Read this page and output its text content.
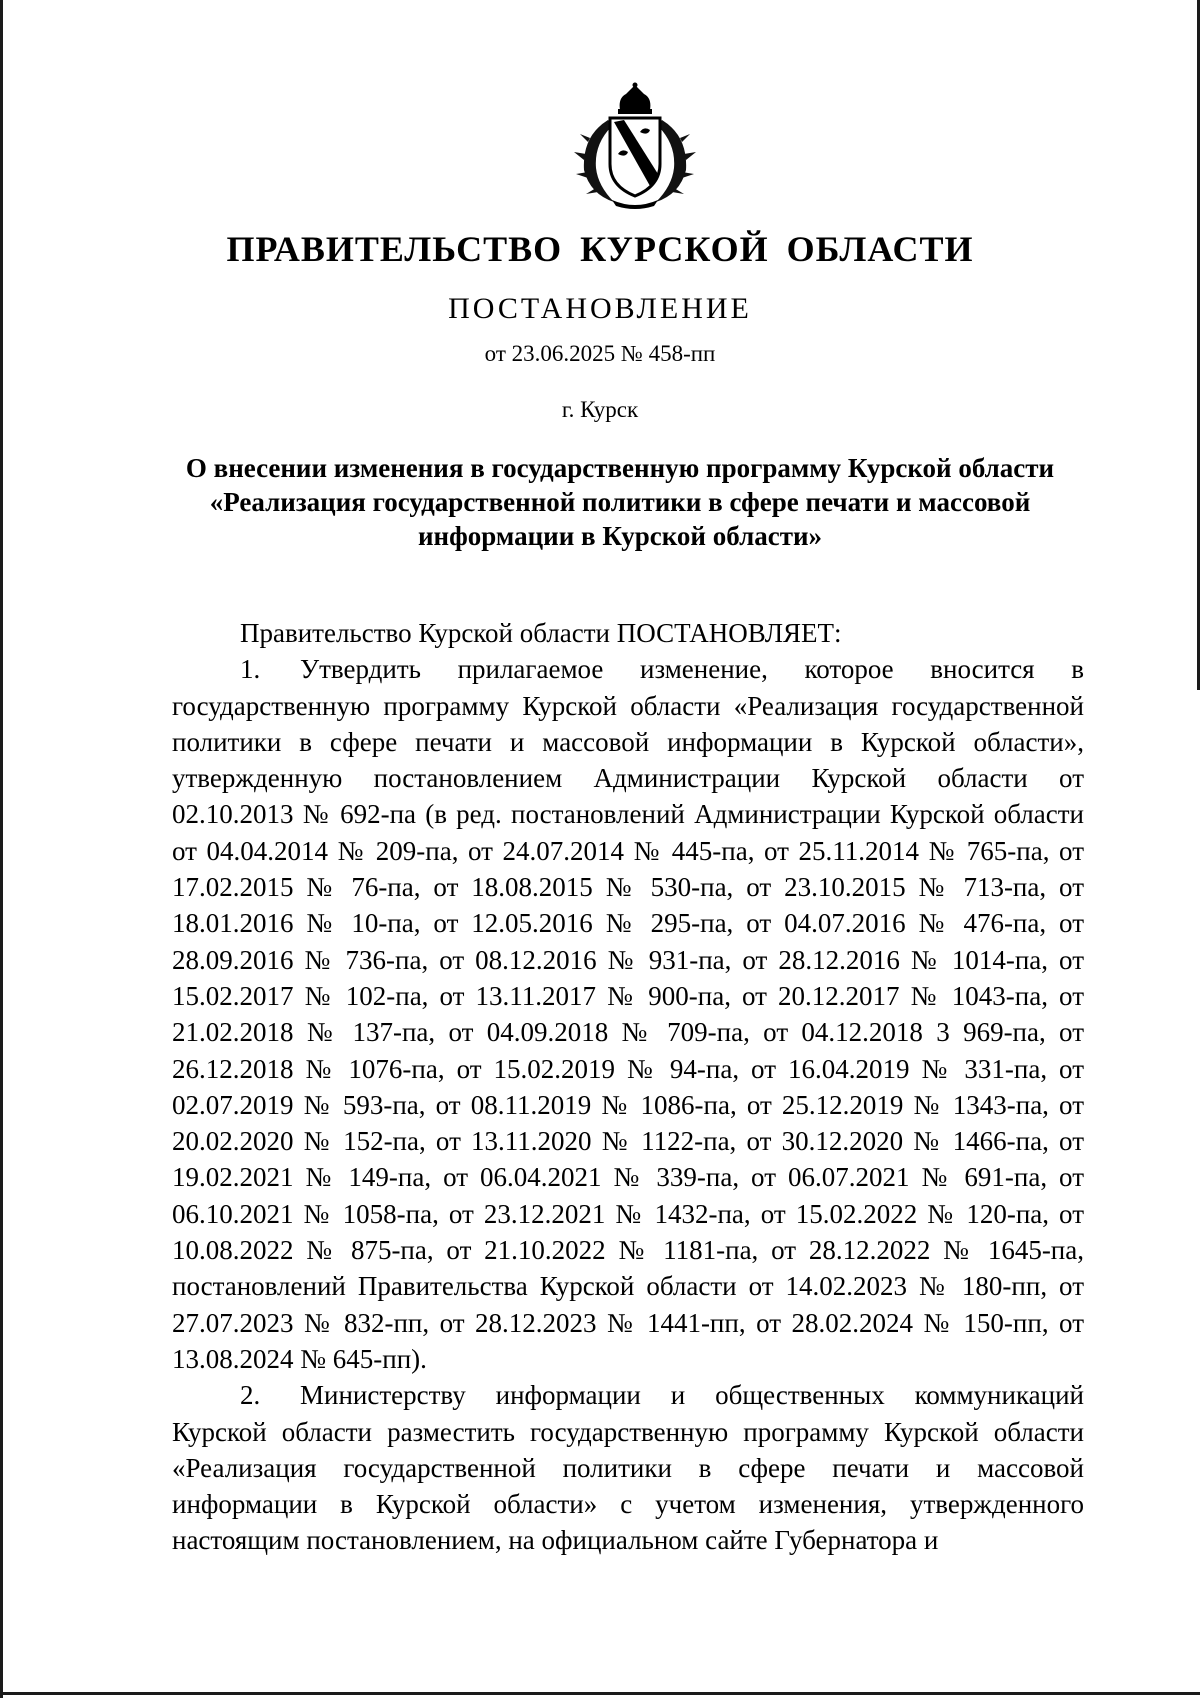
ПРАВИТЕЛЬСТВО КУРСКОЙ ОБЛАСТИ
ПОСТАНОВЛЕНИЕ
от 23.06.2025 № 458-пп
г. Курск
О внесении изменения в государственную программу Курской области
«Реализация государственной политики в сфере печати и массовой
информации в Курской области»

Правительство Курской области ПОСТАНОВЛЯЕТ:

1. Утвердить прилагаемое изменение, которое вносится в государственную программу Курской области «Реализация государственной политики в сфере печати и массовой информации в Курской области», утвержденную постановлением Администрации Курской области от 02.10.2013 № 692-па (в ред. постановлений Администрации Курской области от 04.04.2014 № 209-па, от 24.07.2014 № 445-па, от 25.11.2014 № 765-па, от 17.02.2015 № 76-па, от 18.08.2015 № 530-па, от 23.10.2015 № 713-па, от 18.01.2016 № 10-па, от 12.05.2016 № 295-па, от 04.07.2016 № 476-па, от 28.09.2016 № 736-па, от 08.12.2016 № 931-па, от 28.12.2016 № 1014-па, от 15.02.2017 № 102-па, от 13.11.2017 № 900-па, от 20.12.2017 № 1043-па, от 21.02.2018 № 137-па, от 04.09.2018 № 709-па, от 04.12.2018 3 969-па, от 26.12.2018 № 1076-па, от 15.02.2019 № 94-па, от 16.04.2019 № 331-па, от 02.07.2019 № 593-па, от 08.11.2019 № 1086-па, от 25.12.2019 № 1343-па, от 20.02.2020 № 152-па, от 13.11.2020 № 1122-па, от 30.12.2020 № 1466-па, от 19.02.2021 № 149-па, от 06.04.2021 № 339-па, от 06.07.2021 № 691-па, от 06.10.2021 № 1058-па, от 23.12.2021 № 1432-па, от 15.02.2022 № 120-па, от 10.08.2022 № 875-па, от 21.10.2022 № 1181-па, от 28.12.2022 № 1645-па, постановлений Правительства Курской области от 14.02.2023 № 180-пп, от 27.07.2023 № 832-пп, от 28.12.2023 № 1441-пп, от 28.02.2024 № 150-пп, от 13.08.2024 № 645-пп).

2. Министерству информации и общественных коммуникаций Курской области разместить государственную программу Курской области «Реализация государственной политики в сфере печати и массовой информации в Курской области» с учетом изменения, утвержденного настоящим постановлением, на официальном сайте Губернатора и
